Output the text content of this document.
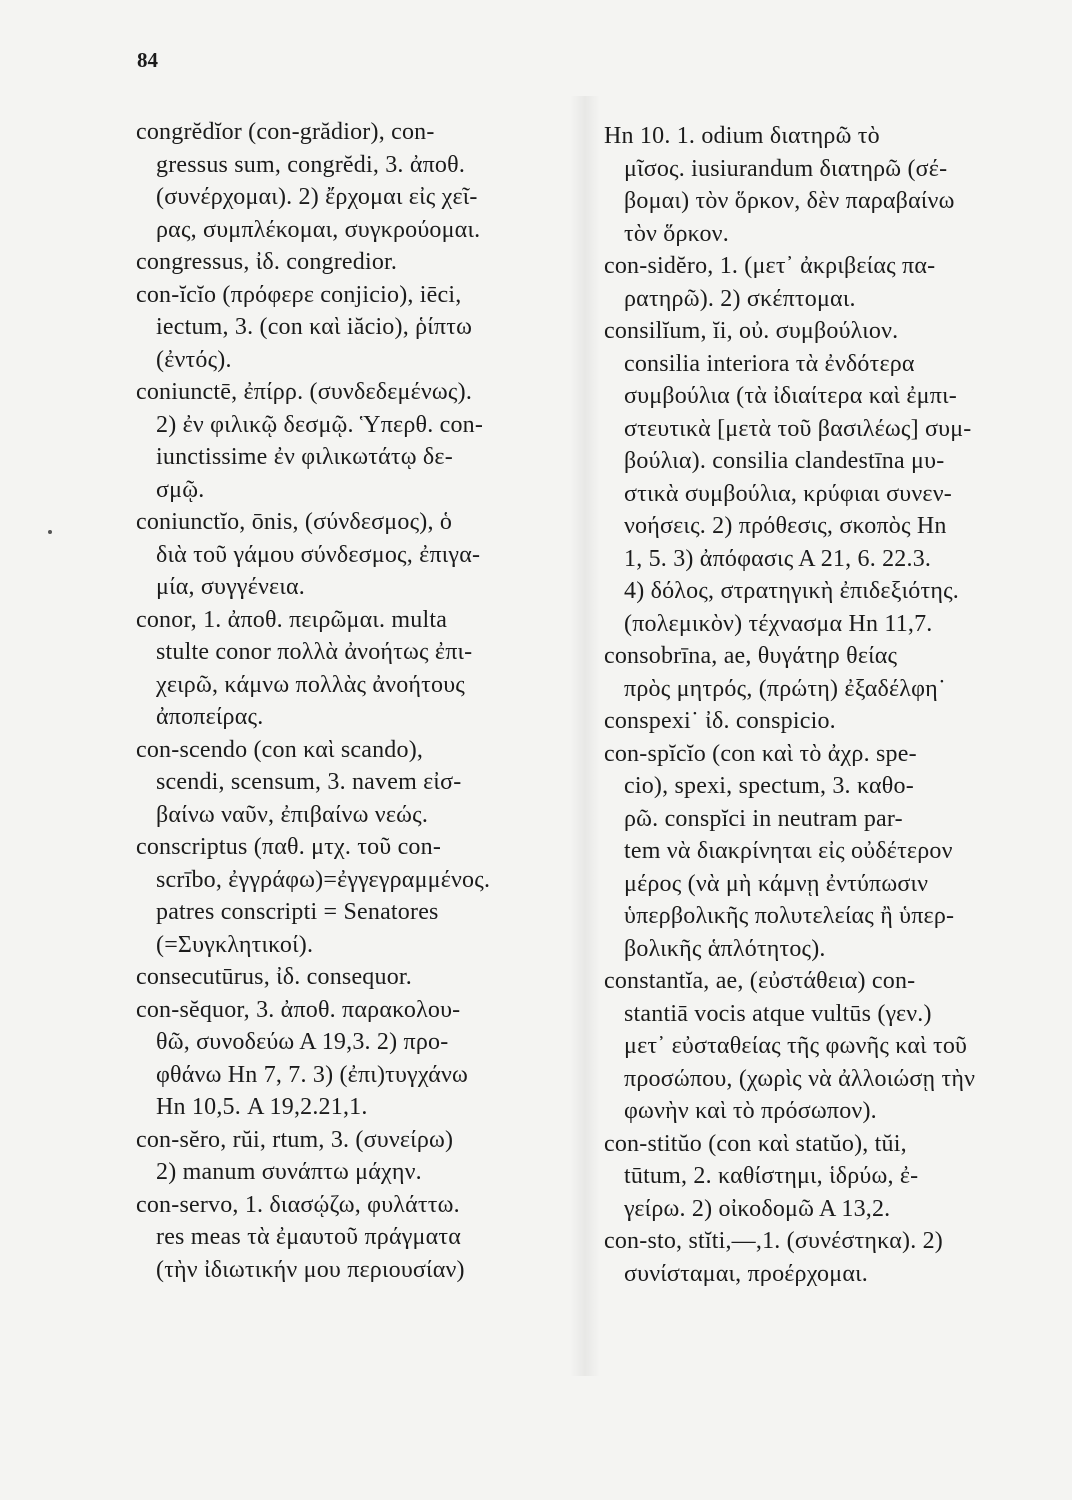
84
congrĕdĭor (con-grădior), con-
gressus sum, congrĕdi, 3. ἀποθ.
(συνέρχομαι). 2) ἔρχομαι εἰς χεῖ-
ρας, συμπλέκομαι, συγκρούομαι.
congressus, ἰδ. congredior.
con-ĭcĭo (πρόφερε conjicio), iēci,
iectum, 3. (con καὶ iăcio), ῥίπτω
(ἐντός).
coniunctē, ἐπίρρ. (συνδεδεμένως).
2) ἐν φιλικῷ δεσμῷ. Ὑπερθ. con-
iunctissime ἐν φιλικωτάτῳ δε-
σμῷ.
coniunctĭo, ōnis, (σύνδεσμος), ὁ
διὰ τοῦ γάμου σύνδεσμος, ἐπιγα-
μία, συγγένεια.
conor, 1. ἀποθ. πειρῶμαι. multa
stulte conor πολλὰ ἀνοήτως ἐπι-
χειρῶ, κάμνω πολλὰς ἀνοήτους
ἀποπείρας.
con-scendo (con καὶ scando),
scendi, scensum, 3. navem εἰσ-
βαίνω ναῦν, ἐπιβαίνω νεώς.
conscriptus (παθ. μτχ. τοῦ con-
scrībo, ἐγγράφω)=ἐγγεγραμμένος.
patres conscripti = Senatores
(=Συγκλητικοί).
consecutūrus, ἰδ. consequor.
con-sĕquor, 3. ἀποθ. παρακολου-
θῶ, συνοδεύω Α 19,3. 2) προ-
φθάνω Ηn 7, 7. 3) (ἐπι)τυγχάνω
Ηn 10,5. Α 19,2.21,1.
con-sĕro, rŭi, rtum, 3. (συνείρω)
2) manum συνάπτω μάχην.
con-servo, 1. διασῴζω, φυλάττω.
res meas τὰ ἐμαυτοῦ πράγματα
(τὴν ἰδιωτικήν μου περιουσίαν)
Ηn 10. 1. odium διατηρῶ τὸ
μῖσος. iusiurandum διατηρῶ (σέ-
βομαι) τὸν ὅρκον, δὲν παραβαίνω
τὸν ὅρκον.
con-sidĕro, 1. (μετ᾽ ἀκριβείας πα-
ρατηρῶ). 2) σκέπτομαι.
consilĭum, ĭi, οὐ. συμβούλιον.
consilia interiora τὰ ἐνδότερα
συμβούλια (τὰ ἰδιαίτερα καὶ ἐμπι-
στευτικὰ [μετὰ τοῦ βασιλέως] συμ-
βούλια). consilia clandestīna μυ-
στικὰ συμβούλια, κρύφιαι συνεν-
νοήσεις. 2) πρόθεσις, σκοπὸς Ηn
1, 5. 3) ἀπόφασις Α 21, 6. 22.3.
4) δόλος, στρατηγικὴ ἐπιδεξιότης.
(πολεμικὸν) τέχνασμα Ηn 11,7.
consobrīna, ae, θυγάτηρ θείας
πρὸς μητρός, (πρώτη) ἐξαδέλφη˙
conspexi˙ ἰδ. conspicio.
con-spĭcĭo (con καὶ τὸ ἀχρ. spe-
cio), spexi, spectum, 3. καθο-
ρῶ. conspĭci in neutram par-
tem νὰ διακρίνηται εἰς οὐδέτερον
μέρος (νὰ μὴ κάμνῃ ἐντύπωσιν
ὑπερβολικῆς πολυτελείας ἢ ὑπερ-
βολικῆς ἁπλότητος).
constantĭa, ae, (εὐστάθεια) con-
stantiā vocis atque vultūs (γεν.)
μετ᾽ εὐσταθείας τῆς φωνῆς καὶ τοῦ
προσώπου, (χωρὶς νὰ ἀλλοιώσῃ τὴν
φωνὴν καὶ τὸ πρόσωπον).
con-stitŭo (con καὶ statŭo), tŭi,
tūtum, 2. καθίστημι, ἱδρύω, ἐ-
γείρω. 2) οἰκοδομῶ Α 13,2.
con-sto, stĭti,—,1. (συνέστηκα). 2)
συνίσταμαι, προέρχομαι.
